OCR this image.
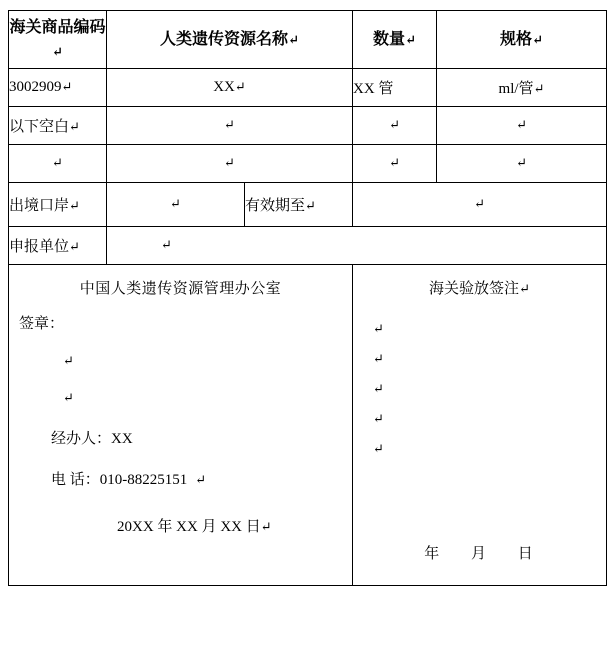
海关商品编码↵	人类遗传资源名称↵		数量↵	规格↵
3002909↵	XX↵		XX 管	ml/管↵
以下空白↵	↵		↵	↵
↵	↵		↵	↵
出境口岸↵	↵	有效期至↵	↵	
申报单位↵	↵			

中国人类遗传资源管理办公室
签章：
↵
↵
经办人：XX
电 话：010-88225151 ↵
20XX 年 XX 月 XX 日↵

海关验放签注↵
↵
↵
↵
↵
↵
年 月 日
